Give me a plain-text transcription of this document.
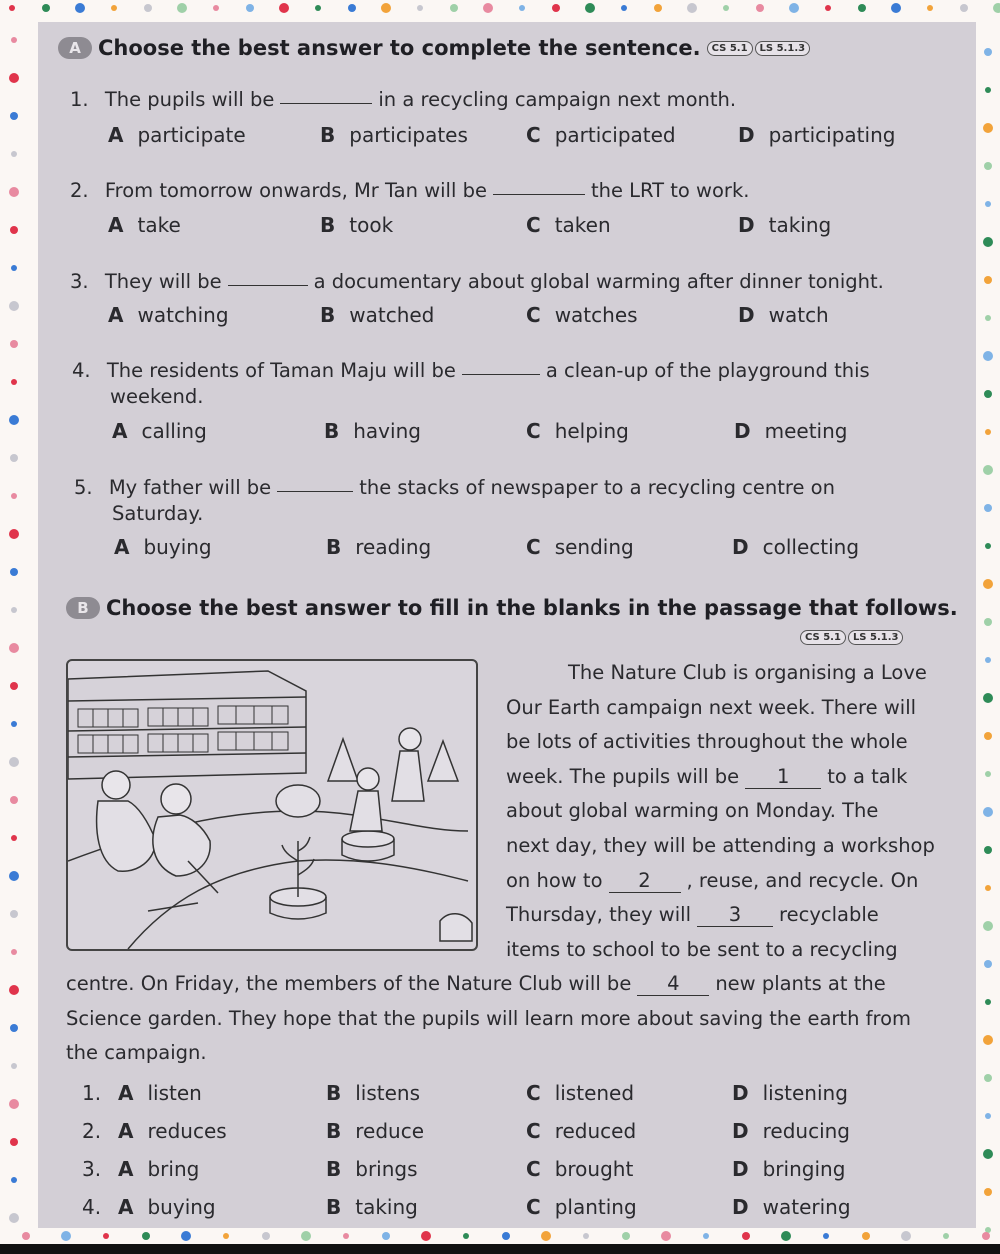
A Choose the best answer to complete the sentence.	CS 5.1	LS 5.1.3
1. The pupils will be	in a recycling campaign next month.
A participate	B participates	C participated	D participating
2. From tomorrow onwards, Mr Tan will be	the LRT to work.
A take	B took	C taken	D taking
3. They will be	a documentary about global warming after dinner tonight.
A watching	B watched	C watches	D watch
4. The residents of Taman Maju will be	a clean-up of the playground this
weekend.
A calling	B having	C helping	D meeting
5. My father will be	the stacks of newspaper to a recycling centre on
Saturday.
A buying	B reading	C sending	D collecting
B Choose the best answer to fill in the blanks in the passage that follows.
CS 5.1	LS 5.1.3
The Nature Club is organising a Love
Our Earth campaign next week. There will
be lots of activities throughout the whole
week. The pupils will be 1 to a talk
about global warming on Monday. The
next day, they will be attending a workshop
on how to 2 , reuse, and recycle. On
Thursday, they will 3 recyclable
items to school to be sent to a recycling
centre. On Friday, the members of the Nature Club will be 4 new plants at the
Science garden. They hope that the pupils will learn more about saving the earth from
the campaign.
1. A listen	B listens	C listened	D listening
2. A reduces	B reduce	C reduced	D reducing
3. A bring	B brings	C brought	D bringing
4. A buying	B taking	C planting	D watering
